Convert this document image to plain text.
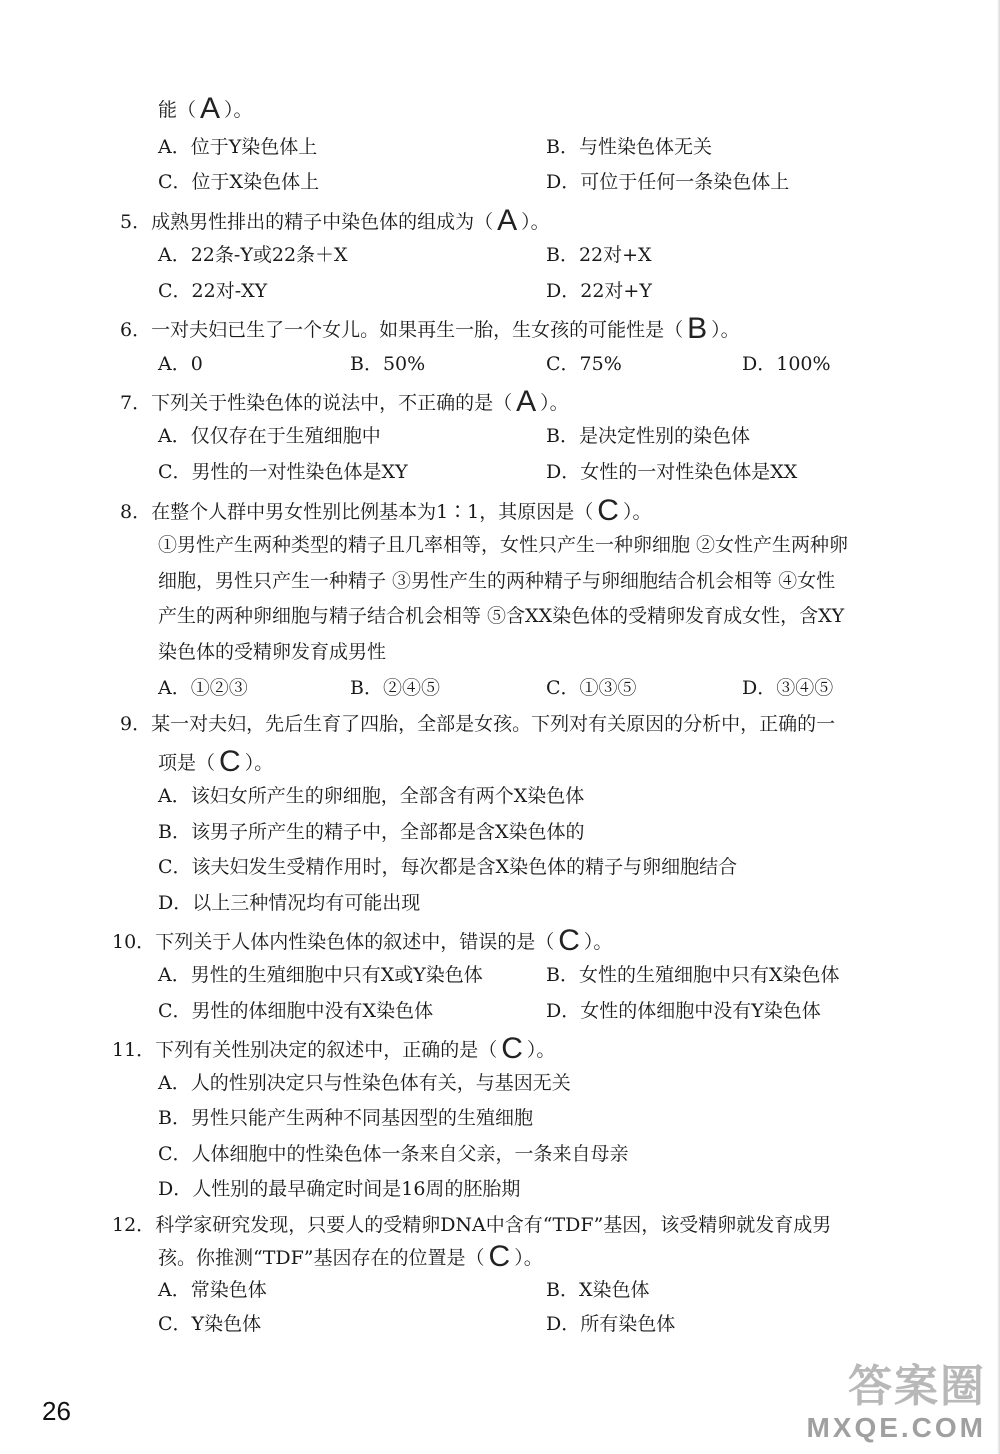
能（ A ）。
A．位于Y染色体上	B．与性染色体无关
C．位于X染色体上	D．可位于任何一条染色体上
5．成熟男性排出的精子中染色体的组成为（ A ）。
A．22条-Y或22条＋X	B．22对+X
C．22对-XY	D．22对+Y
6．一对夫妇已生了一个女儿。如果再生一胎，生女孩的可能性是（ B ）。
A．0	B．50%	C．75%	D．100%
7．下列关于性染色体的说法中，不正确的是（ A ）。
A．仅仅存在于生殖细胞中	B．是决定性别的染色体
C．男性的一对性染色体是XY	D．女性的一对性染色体是XX
8．在整个人群中男女性别比例基本为1∶1，其原因是（ C ）。
①男性产生两种类型的精子且几率相等，女性只产生一种卵细胞 ②女性产生两种卵
细胞，男性只产生一种精子 ③男性产生的两种精子与卵细胞结合机会相等 ④女性
产生的两种卵细胞与精子结合机会相等 ⑤含XX染色体的受精卵发育成女性，含XY
染色体的受精卵发育成男性
A．①②③	B．②④⑤	C．①③⑤	D．③④⑤
9．某一对夫妇，先后生育了四胎，全部是女孩。下列对有关原因的分析中，正确的一
项是（ C ）。
A．该妇女所产生的卵细胞，全部含有两个X染色体
B．该男子所产生的精子中，全部都是含X染色体的
C．该夫妇发生受精作用时，每次都是含X染色体的精子与卵细胞结合
D．以上三种情况均有可能出现
10．下列关于人体内性染色体的叙述中，错误的是（ C ）。
A．男性的生殖细胞中只有X或Y染色体	B．女性的生殖细胞中只有X染色体
C．男性的体细胞中没有X染色体	D．女性的体细胞中没有Y染色体
11．下列有关性别决定的叙述中，正确的是（ C ）。
A．人的性别决定只与性染色体有关，与基因无关
B．男性只能产生两种不同基因型的生殖细胞
C．人体细胞中的性染色体一条来自父亲，一条来自母亲
D．人性别的最早确定时间是16周的胚胎期
12．科学家研究发现，只要人的受精卵DNA中含有“TDF”基因，该受精卵就发育成男
孩。你推测“TDF”基因存在的位置是（ C ）。
A．常染色体	B．X染色体
C．Y染色体	D．所有染色体
26	答案圈
MXQE.COM
